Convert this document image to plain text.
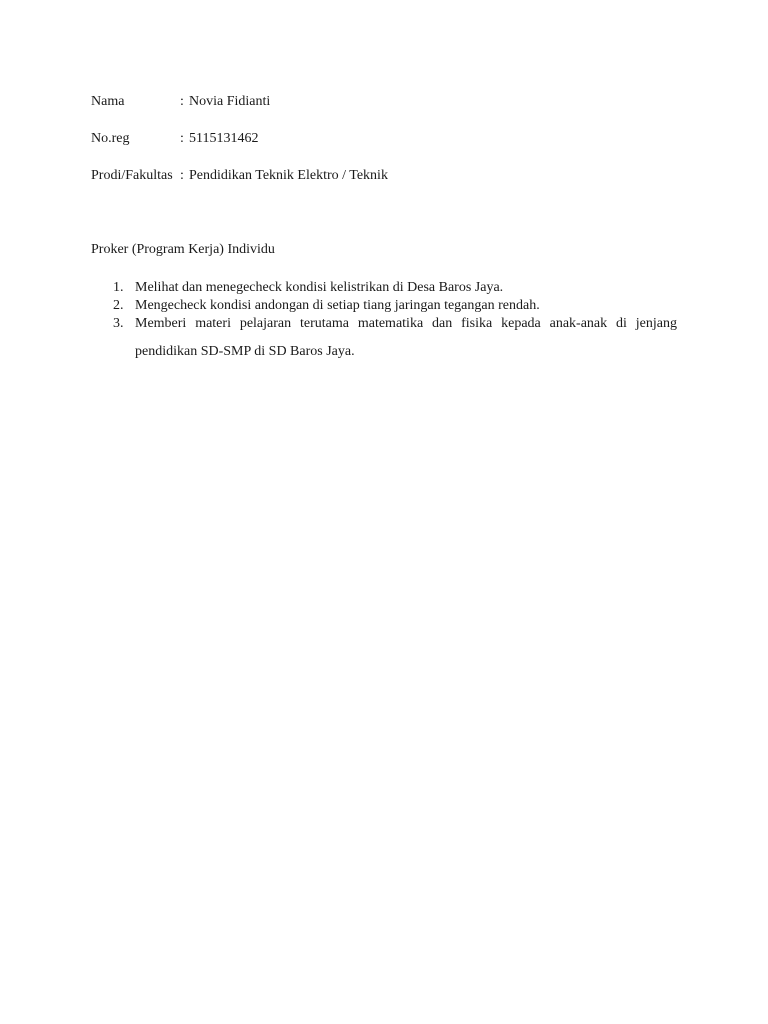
Nama	: Novia Fidianti
No.reg	: 5115131462
Prodi/Fakultas : Pendidikan Teknik Elektro / Teknik
Proker (Program Kerja) Individu
1. Melihat dan menegecheck kondisi kelistrikan di Desa Baros Jaya.
2. Mengecheck kondisi andongan di setiap tiang jaringan tegangan rendah.
3. Memberi materi pelajaran terutama matematika dan fisika kepada anak-anak di jenjang
pendidikan SD-SMP di SD Baros Jaya.
